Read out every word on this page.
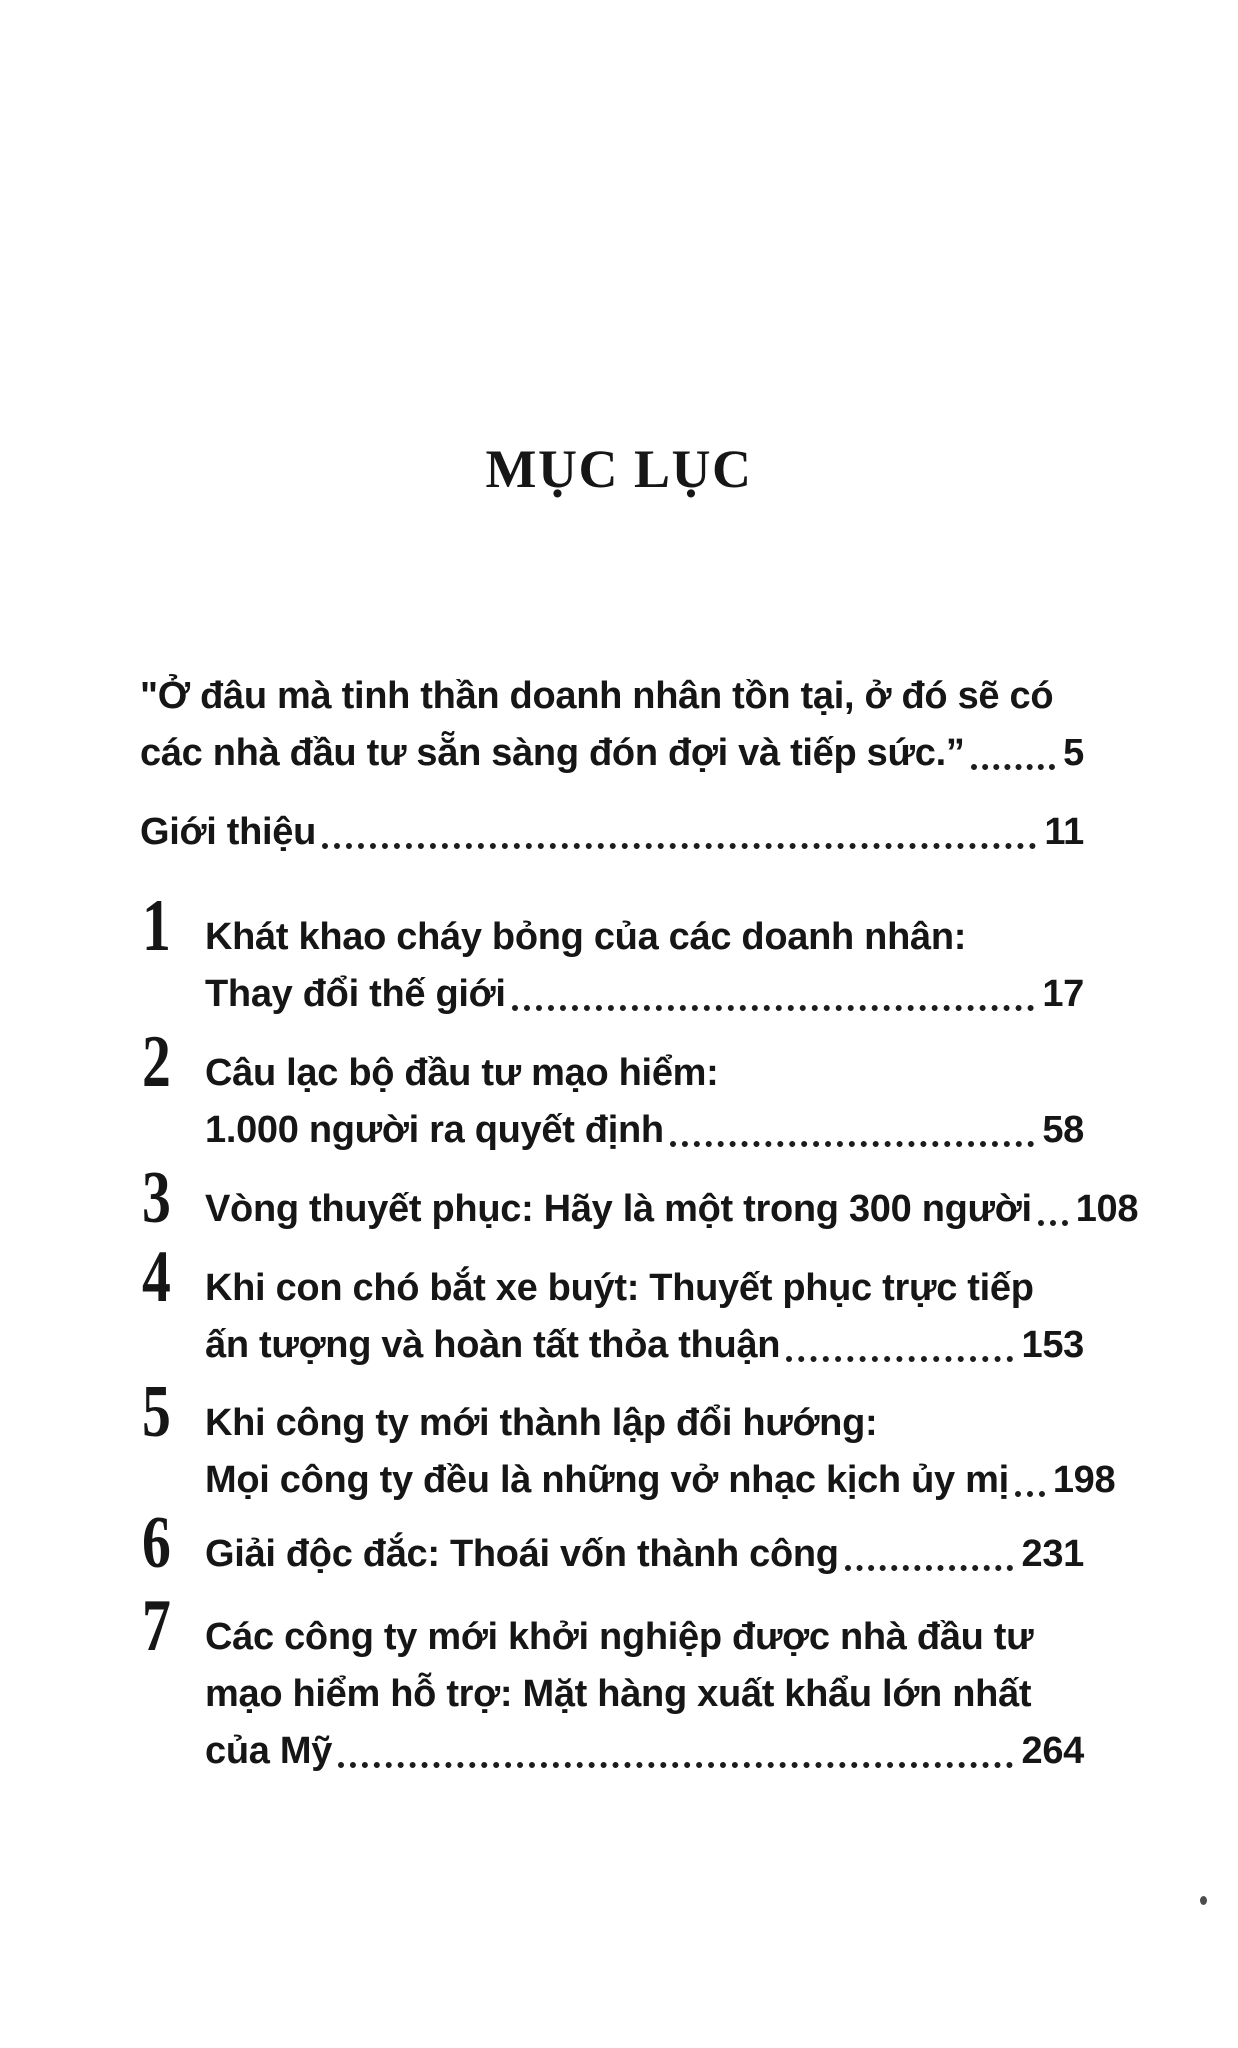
MỤC LỤC
"Ở đâu mà tinh thần doanh nhân tồn tại, ở đó sẽ có
các nhà đầu tư sẵn sàng đón đợi và tiếp sức.”	5
Giới thiệu	11
1 Khát khao cháy bỏng của các doanh nhân:
Thay đổi thế giới	17
2 Câu lạc bộ đầu tư mạo hiểm:
1.000 người ra quyết định	58
3 Vòng thuyết phục: Hãy là một trong 300 người 108
4 Khi con chó bắt xe buýt: Thuyết phục trực tiếp
ấn tượng và hoàn tất thỏa thuận	153
5 Khi công ty mới thành lập đổi hướng:
Mọi công ty đều là những vở nhạc kịch ủy mị 198
6 Giải độc đắc: Thoái vốn thành công	231
7 Các công ty mới khởi nghiệp được nhà đầu tư
mạo hiểm hỗ trợ: Mặt hàng xuất khẩu lớn nhất
của Mỹ	264
